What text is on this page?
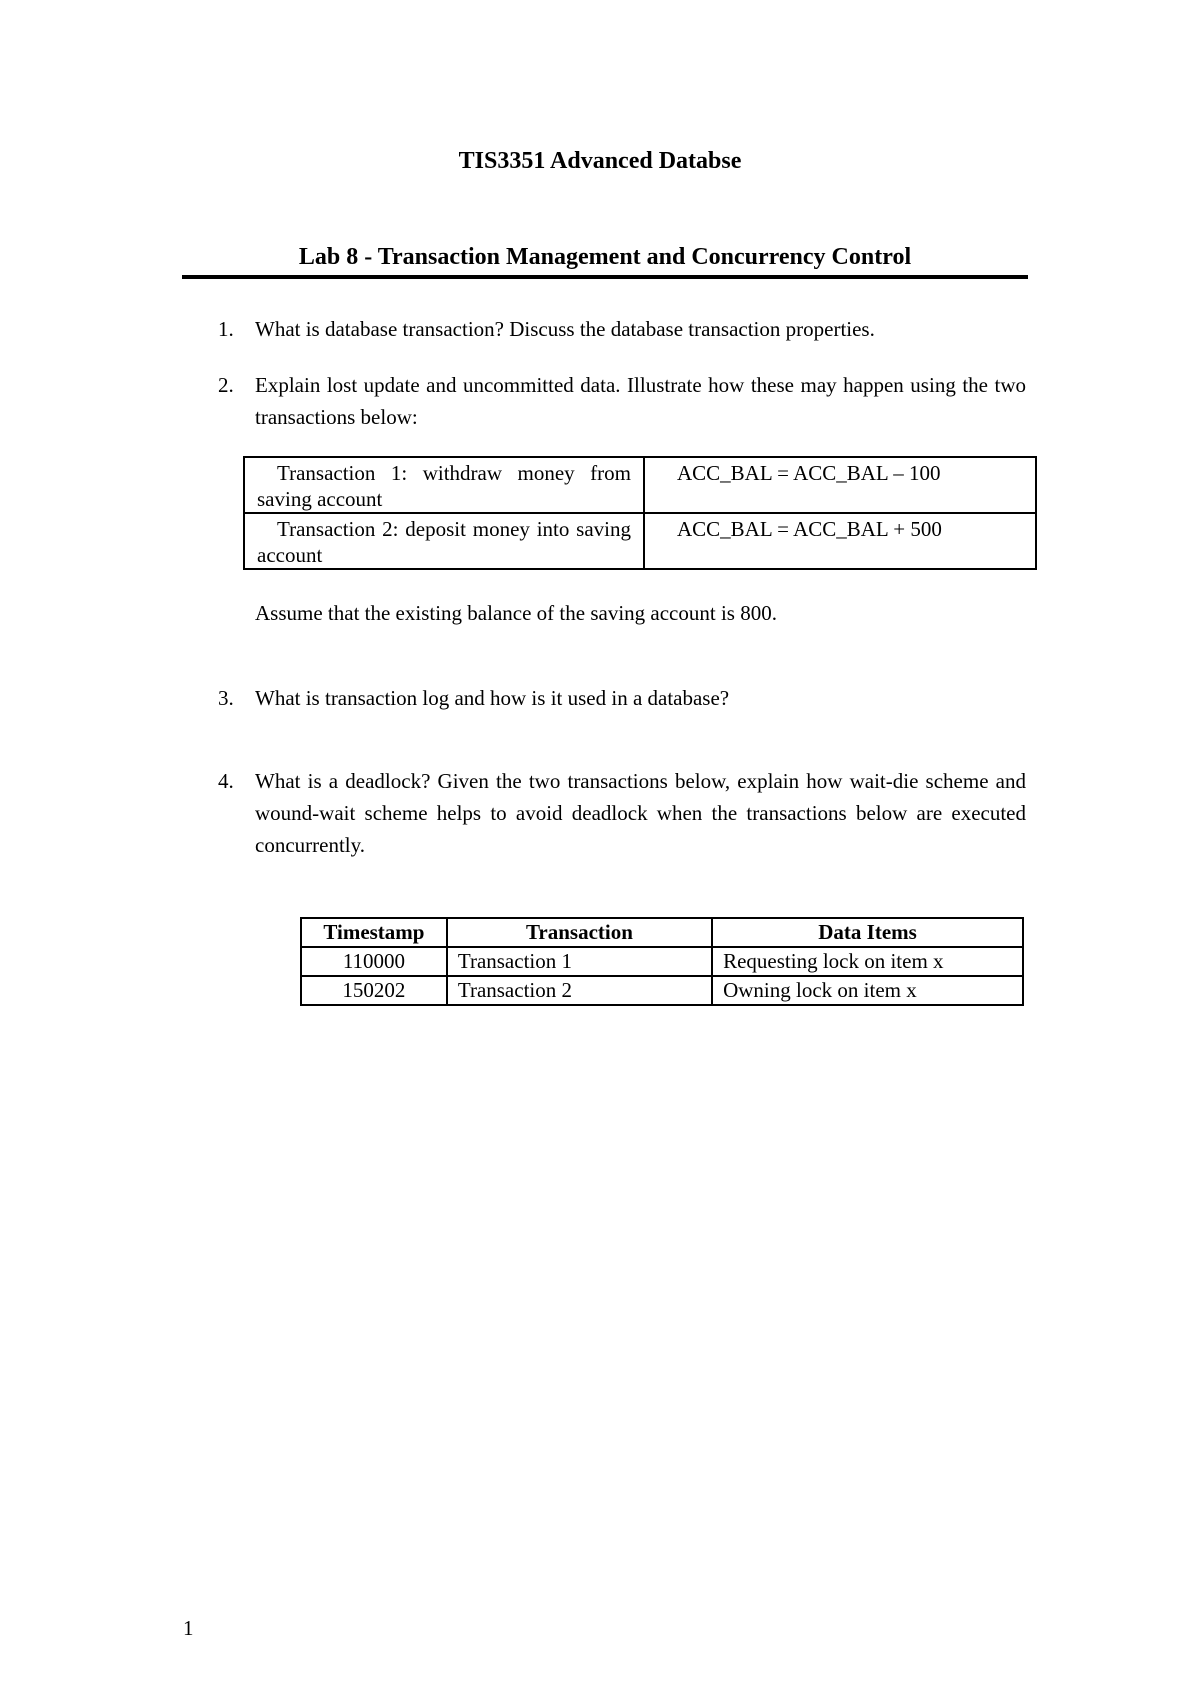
TIS3351 Advanced Databse
Lab 8 - Transaction Management and Concurrency Control
1.	What is database transaction? Discuss the database transaction properties.
2.	Explain lost update and uncommitted data. Illustrate how these may happen using the two transactions below:
Transaction 1: withdraw money from saving account	ACC_BAL = ACC_BAL – 100
Transaction 2: deposit money into saving account	ACC_BAL = ACC_BAL + 500
Assume that the existing balance of the saving account is 800.
3.	What is transaction log and how is it used in a database?
4.	What is a deadlock? Given the two transactions below, explain how wait-die scheme and wound-wait scheme helps to avoid deadlock when the transactions below are executed concurrently.
Timestamp	Transaction	Data Items
110000	Transaction 1	Requesting lock on item x
150202	Transaction 2	Owning lock on item x
1
